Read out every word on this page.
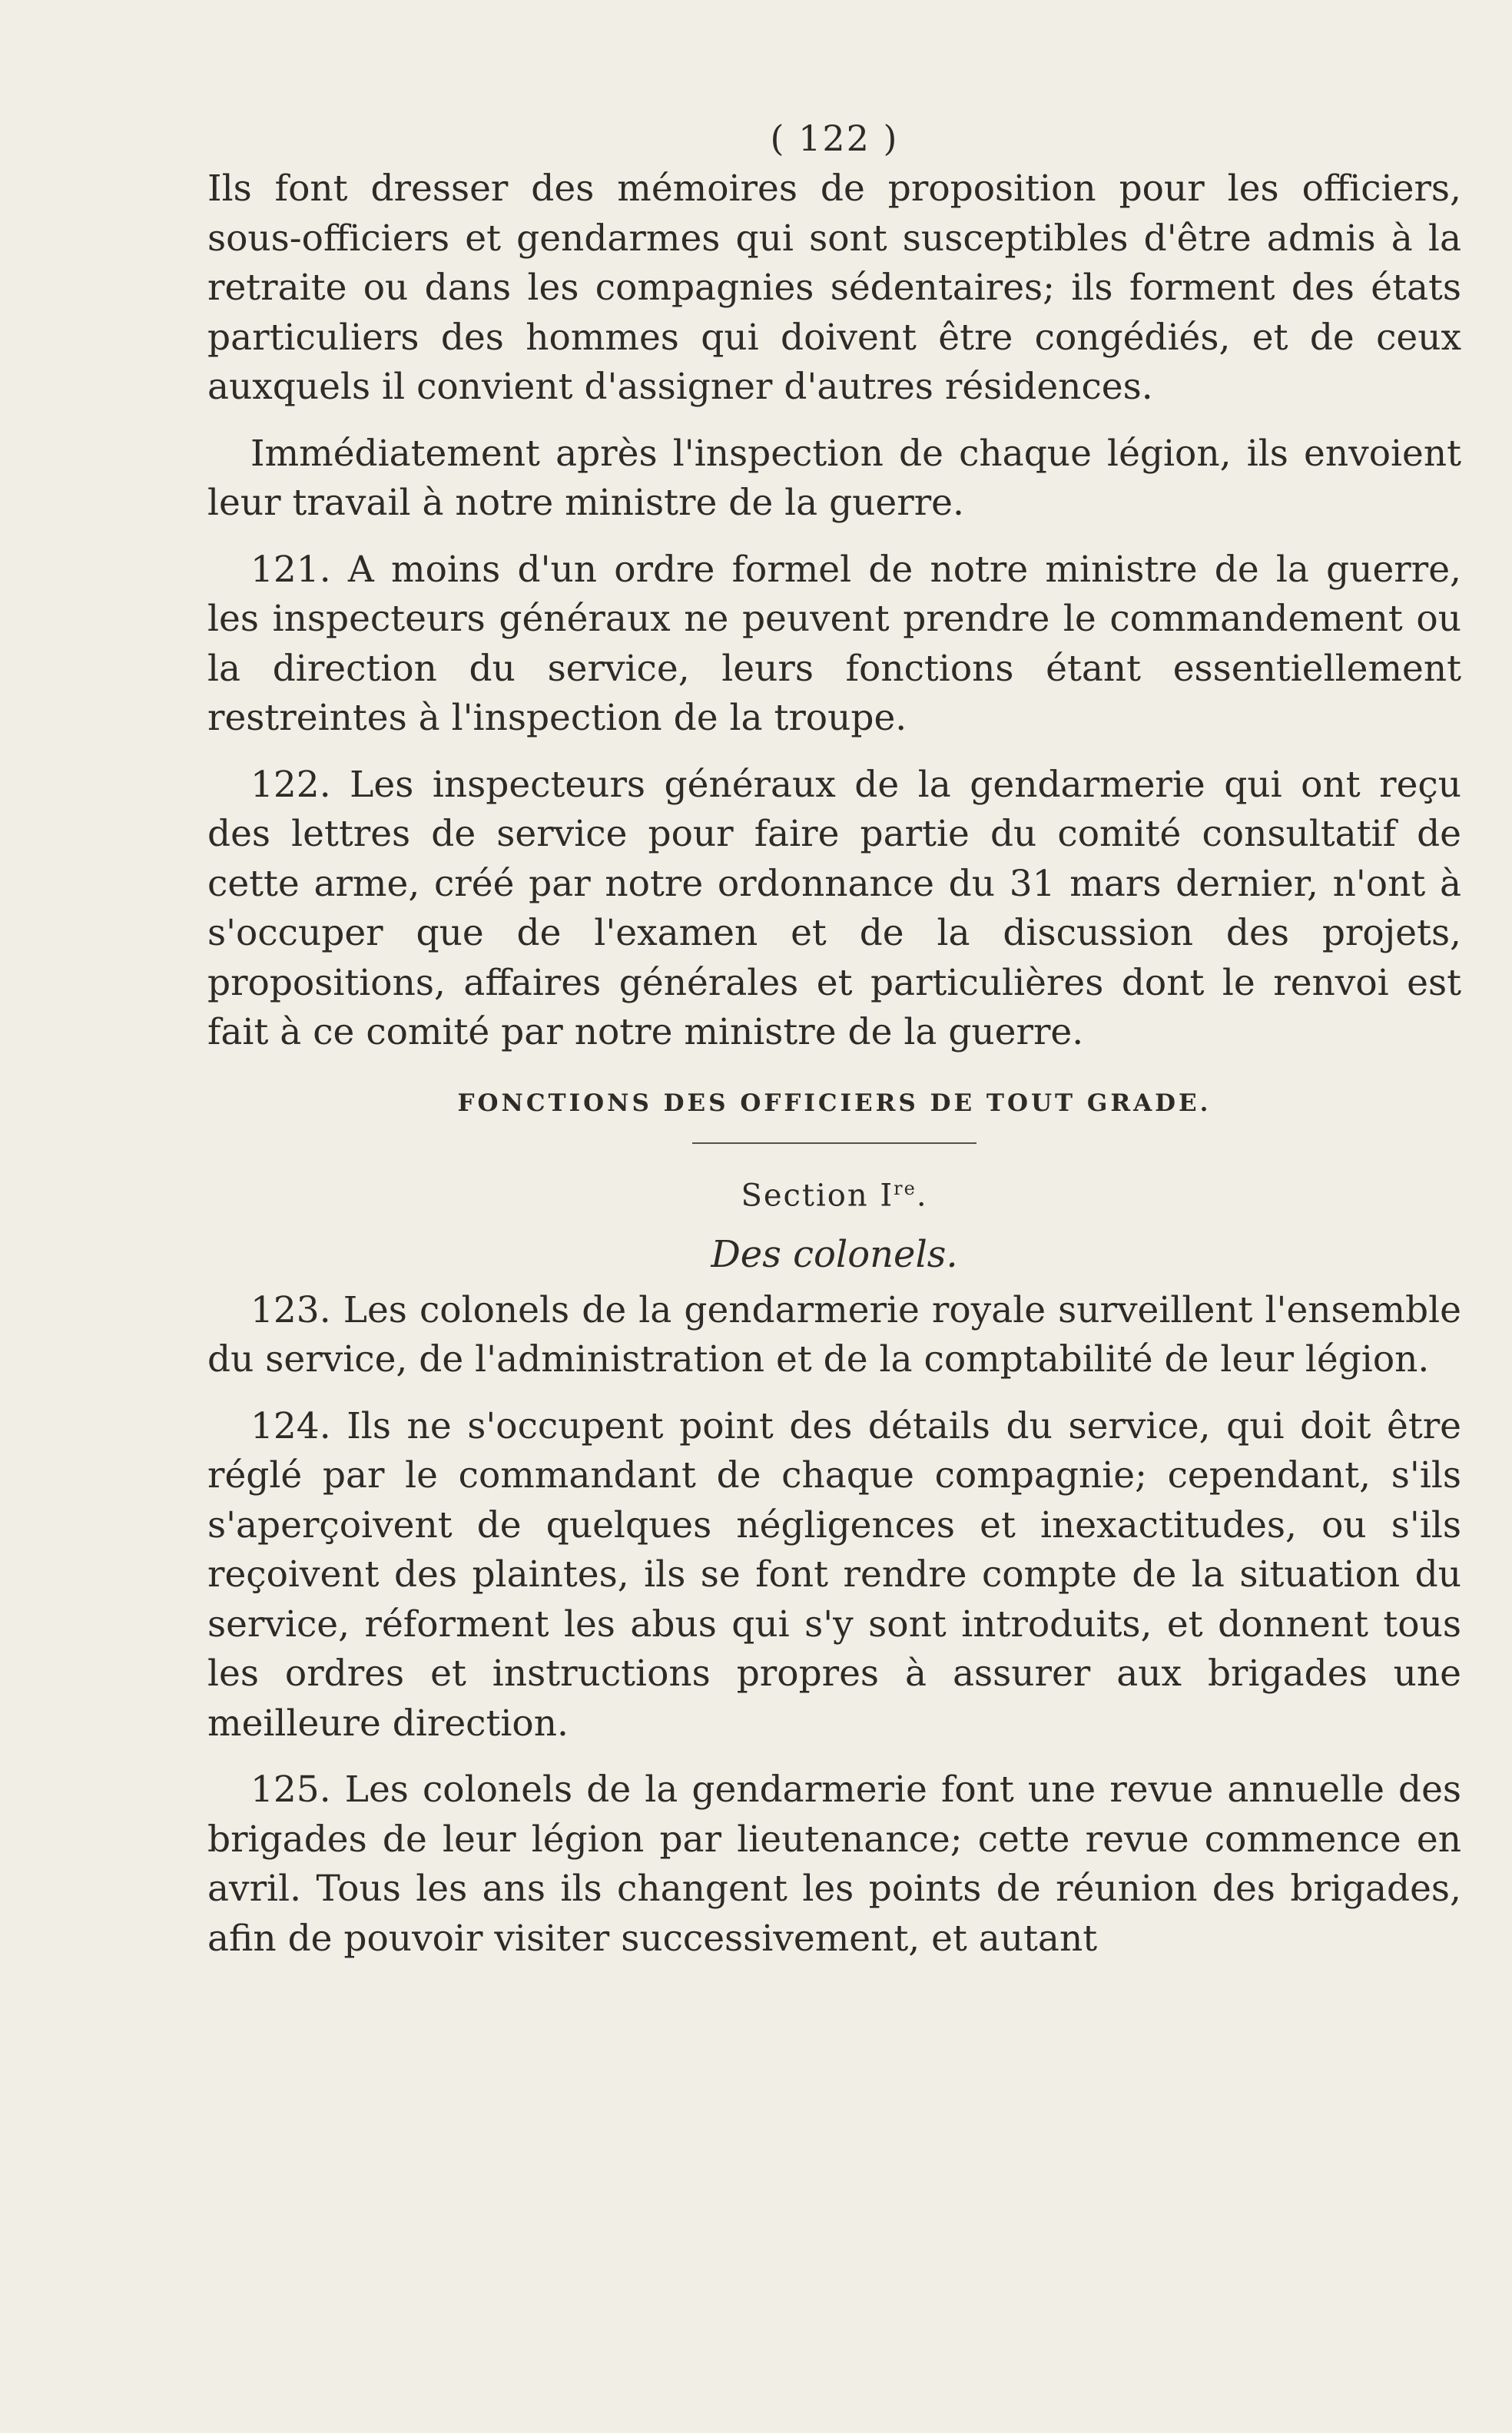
( 122 )

Ils font dresser des mémoires de proposition pour les officiers, sous-officiers et gendarmes qui sont susceptibles d'être admis à la retraite ou dans les compagnies sédentaires; ils forment des états particuliers des hommes qui doivent être congédiés, et de ceux auxquels il convient d'assigner d'autres résidences.

Immédiatement après l'inspection de chaque légion, ils envoient leur travail à notre ministre de la guerre.

121. A moins d'un ordre formel de notre ministre de la guerre, les inspecteurs généraux ne peuvent prendre le commandement ou la direction du service, leurs fonctions étant essentiellement restreintes à l'inspection de la troupe.

122. Les inspecteurs généraux de la gendarmerie qui ont reçu des lettres de service pour faire partie du comité consultatif de cette arme, créé par notre ordonnance du 31 mars dernier, n'ont à s'occuper que de l'examen et de la discussion des projets, propositions, affaires générales et particulières dont le renvoi est fait à ce comité par notre ministre de la guerre.

FONCTIONS DES OFFICIERS DE TOUT GRADE.
Section Ire.
Des colonels.

123. Les colonels de la gendarmerie royale surveillent l'ensemble du service, de l'administration et de la comptabilité de leur légion.

124. Ils ne s'occupent point des détails du service, qui doit être réglé par le commandant de chaque compagnie; cependant, s'ils s'aperçoivent de quelques négligences et inexactitudes, ou s'ils reçoivent des plaintes, ils se font rendre compte de la situation du service, réforment les abus qui s'y sont introduits, et donnent tous les ordres et instructions propres à assurer aux brigades une meilleure direction.

125. Les colonels de la gendarmerie font une revue annuelle des brigades de leur légion par lieutenance; cette revue commence en avril. Tous les ans ils changent les points de réunion des brigades, afin de pouvoir visiter successivement, et autant
